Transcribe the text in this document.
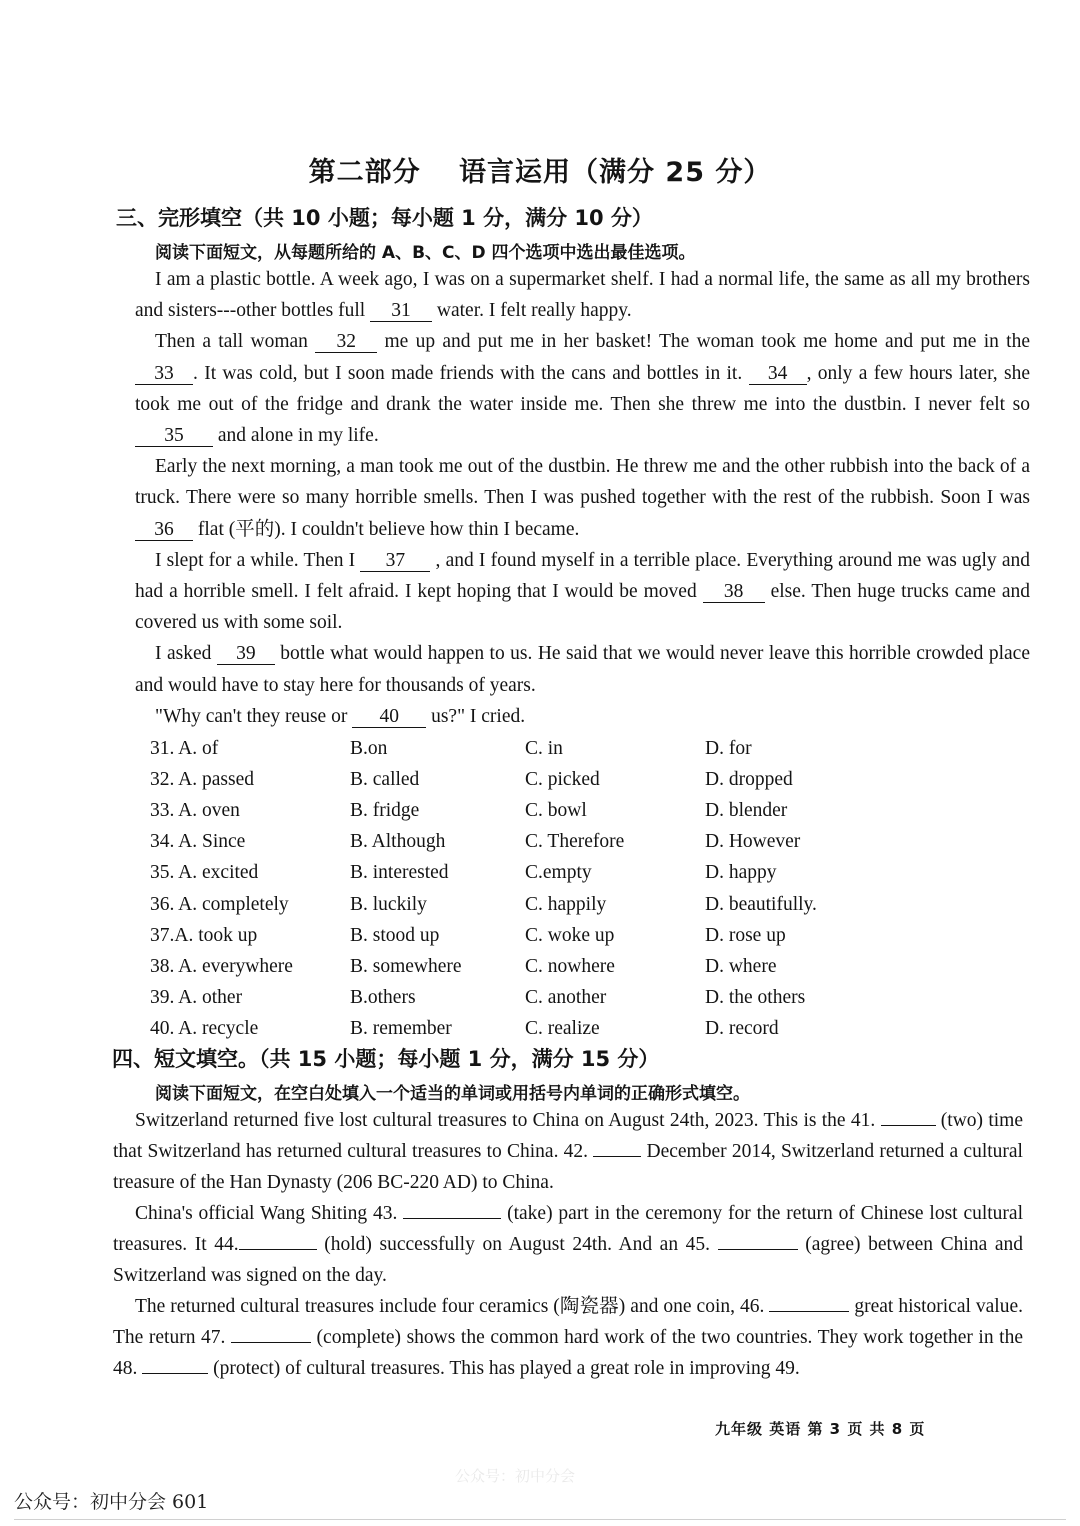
第二部分　 语言运用（满分 25 分）
三、完形填空（共 10 小题；每小题 1 分，满分 10 分）
阅读下面短文，从每题所给的 A、B、C、D 四个选项中选出最佳选项。

I am a plastic bottle. A week ago, I was on a supermarket shelf. I had a normal life, the same as all my brothers and sisters---other bottles full 31 water. I felt really happy.

Then a tall woman 32 me up and put me in her basket! The woman took me home and put me in the 33 . It was cold, but I soon made friends with the cans and bottles in it. 34 , only a few hours later, she took me out of the fridge and drank the water inside me. Then she threw me into the dustbin. I never felt so 35 and alone in my life.

Early the next morning, a man took me out of the dustbin. He threw me and the other rubbish into the back of a truck. There were so many horrible smells. Then I was pushed together with the rest of the rubbish. Soon I was 36 flat (平的). I couldn't believe how thin I became.

I slept for a while. Then I 37 , and I found myself in a terrible place. Everything around me was ugly and had a horrible smell. I felt afraid. I kept hoping that I would be moved 38 else. Then huge trucks came and covered us with some soil.

I asked 39 bottle what would happen to us. He said that we would never leave this horrible crowded place and would have to stay here for thousands of years.

"Why can't they reuse or 40 us?" I cried.

31. A. of	B.on	C. in	D. for
32. A. passed	B. called	C. picked	D. dropped
33. A. oven	B. fridge	C. bowl	D. blender
34. A. Since	B. Although	C. Therefore	D. However
35. A. excited	B. interested	C.empty	D. happy
36. A. completely	B. luckily	C. happily	D. beautifully.
37.A. took up	B. stood up	C. woke up	D. rose up
38. A. everywhere	B. somewhere	C. nowhere	D. where
39. A. other	B.others	C. another	D. the others
40. A. recycle	B. remember	C. realize	D. record
四、短文填空。（共 15 小题；每小题 1 分，满分 15 分）
阅读下面短文，在空白处填入一个适当的单词或用括号内单词的正确形式填空。

Switzerland returned five lost cultural treasures to China on August 24th, 2023. This is the 41.	(two) time that Switzerland has returned cultural treasures to China. 42.  December 2014, Switzerland returned a cultural treasure of the Han Dynasty (206 BC-220 AD) to China.

China's official Wang Shiting 43.	(take) part in the ceremony for the return of Chinese lost cultural treasures. It 44.	(hold) successfully on August 24th. And an 45.	(agree) between China and Switzerland was signed on the day.

The returned cultural treasures include four ceramics (陶瓷器) and one coin, 46.	great historical value. The return 47.	(complete) shows the common hard work of the two countries. They work together in the 48.	(protect) of cultural treasures. This has played a great role in improving 49.

九年级 英语 第 3 页 共 8 页
公众号：初中分会
公众号：初中分会 601
